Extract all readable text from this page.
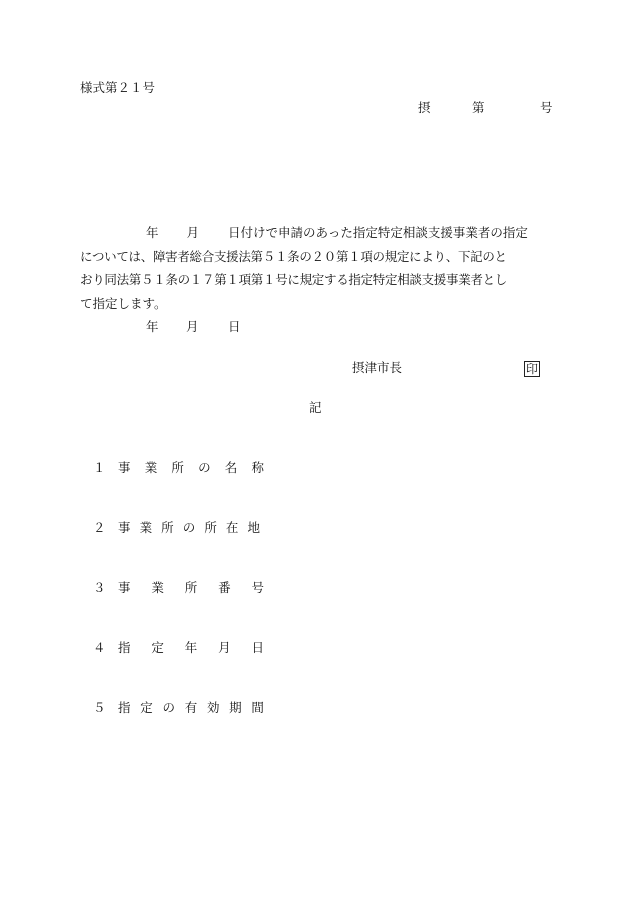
様式第２１号
摂	第	号

年 月 日付けで申請のあった指定特定相談支援事業者の指定

については、障害者総合支援法第５１条の２０第１項の規定により、下記のと

おり同法第５１条の１７第１項第１号に規定する指定特定相談支援事業者とし

て指定します。

年 月 日
摂津市長	印
記
１ 事 業 所 の 名 称
２ 事 業 所 の 所 在 地
３ 事 業 所 番 号
４ 指 定 年 月 日
５ 指 定 の 有 効 期 間
